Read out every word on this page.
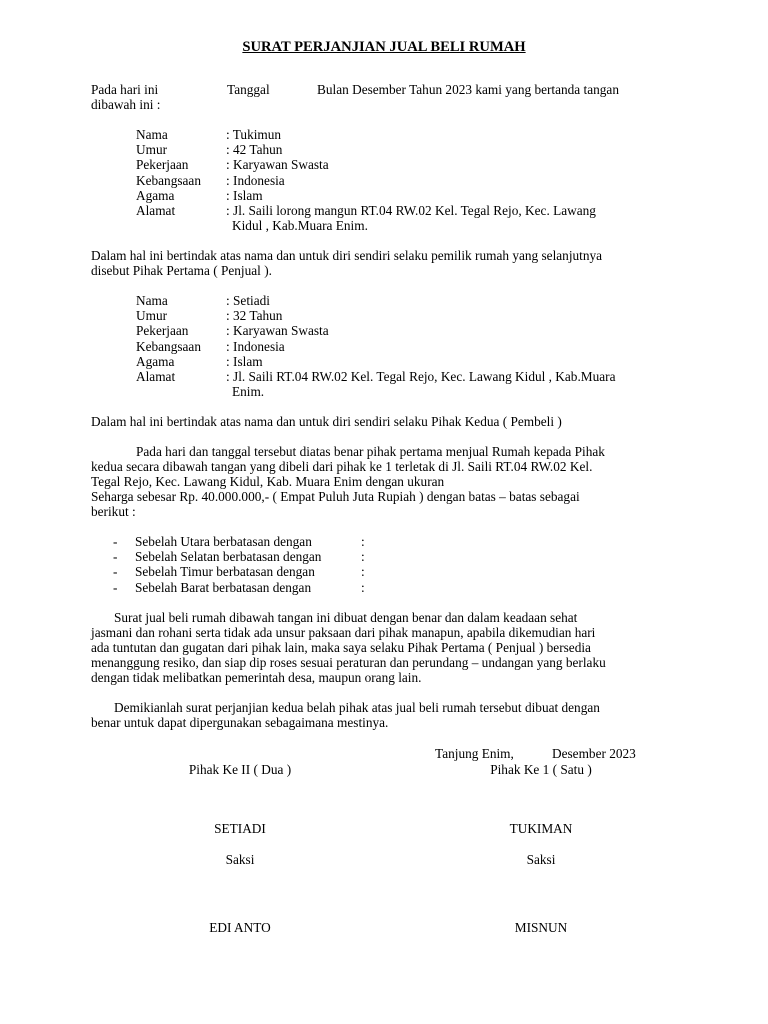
SURAT PERJANJIAN JUAL BELI RUMAH
Pada hari ini	Tanggal	Bulan Desember Tahun 2023 kami yang bertanda tangan
dibawah ini :
Nama	: Tukimun
Umur	: 42 Tahun
Pekerjaan	: Karyawan Swasta
Kebangsaan	: Indonesia
Agama	: Islam
Alamat	: Jl. Saili lorong mangun RT.04 RW.02 Kel. Tegal Rejo, Kec. Lawang
Kidul , Kab.Muara Enim.
Dalam hal ini bertindak atas nama dan untuk diri sendiri selaku pemilik rumah yang selanjutnya
disebut Pihak Pertama ( Penjual ).
Nama	: Setiadi
Umur	: 32 Tahun
Pekerjaan	: Karyawan Swasta
Kebangsaan	: Indonesia
Agama	: Islam
Alamat	: Jl. Saili RT.04 RW.02 Kel. Tegal Rejo, Kec. Lawang Kidul , Kab.Muara
Enim.
Dalam hal ini bertindak atas nama dan untuk diri sendiri selaku Pihak Kedua ( Pembeli )
Pada hari dan tanggal tersebut diatas benar pihak pertama menjual Rumah kepada Pihak
kedua secara dibawah tangan yang dibeli dari pihak ke 1 terletak di Jl. Saili RT.04 RW.02 Kel.
Tegal Rejo, Kec. Lawang Kidul, Kab. Muara Enim dengan ukuran
Seharga sebesar Rp. 40.000.000,- ( Empat Puluh Juta Rupiah ) dengan batas – batas sebagai
berikut :
-	Sebelah Utara berbatasan dengan	:
-	Sebelah Selatan berbatasan dengan	:
-	Sebelah Timur berbatasan dengan	:
-	Sebelah Barat berbatasan dengan	:
Surat jual beli rumah dibawah tangan ini dibuat dengan benar dan dalam keadaan sehat
jasmani dan rohani serta tidak ada unsur paksaan dari pihak manapun, apabila dikemudian hari
ada tuntutan dan gugatan dari pihak lain, maka saya selaku Pihak Pertama ( Penjual ) bersedia
menanggung resiko, dan siap dip roses sesuai peraturan dan perundang – undangan yang berlaku
dengan tidak melibatkan pemerintah desa, maupun orang lain.
Demikianlah surat perjanjian kedua belah pihak atas jual beli rumah tersebut dibuat dengan
benar untuk dapat dipergunakan sebagaimana mestinya.
Tanjung Enim,	Desember 2023
Pihak Ke II ( Dua )	Pihak Ke 1 ( Satu )
SETIADI	TUKIMAN
Saksi	Saksi
EDI ANTO	MISNUN
